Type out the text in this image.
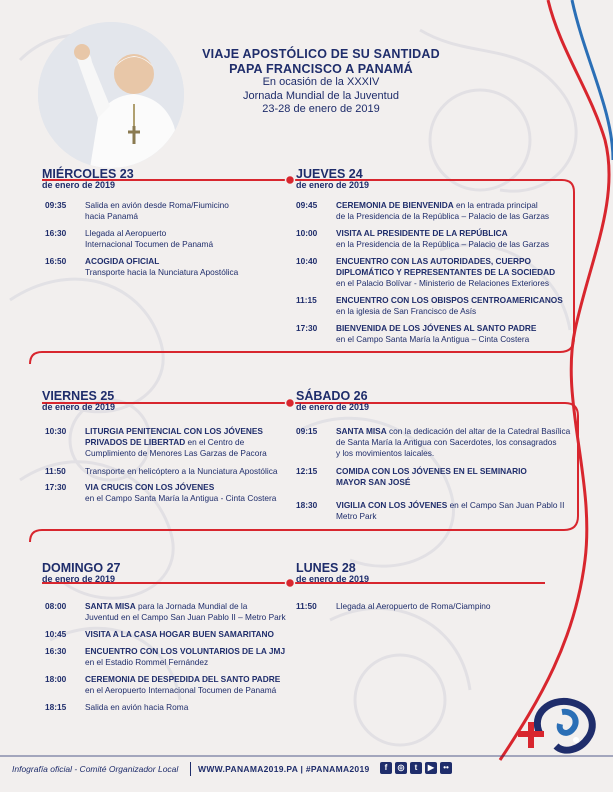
VIAJE APOSTÓLICO DE SU SANTIDAD
PAPA FRANCISCO A PANAMÁ
En ocasión de la XXXIV
Jornada Mundial de la Juventud
23-28 de enero de 2019
MIÉRCOLES 23
de enero de 2019
09:35 Salida en avión desde Roma/Fiumicino
hacia Panamá
16:30 Llegada al Aeropuerto
Internacional Tocumen de Panamá
16:50 ACOGIDA OFICIAL
Transporte hacia la Nunciatura Apostólica
JUEVES 24
de enero de 2019
09:45 CEREMONIA DE BIENVENIDA en la entrada principal
de la Presidencia de la República – Palacio de las Garzas
10:00 VISITA AL PRESIDENTE DE LA REPÚBLICA
en la Presidencia de la República – Palacio de las Garzas
10:40 ENCUENTRO CON LAS AUTORIDADES, CUERPO
DIPLOMÁTICO Y REPRESENTANTES DE LA SOCIEDAD
en el Palacio Bolívar - Ministerio de Relaciones Exteriores
11:15 ENCUENTRO CON LOS OBISPOS CENTROAMERICANOS
en la iglesia de San Francisco de Asís
17:30 BIENVENIDA DE LOS JÓVENES AL SANTO PADRE
en el Campo Santa María la Antigua – Cinta Costera
VIERNES 25
de enero de 2019
10:30 LITURGIA PENITENCIAL CON LOS JÓVENES
PRIVADOS DE LIBERTAD en el Centro de
Cumplimiento de Menores Las Garzas de Pacora
11:50 Transporte en helicóptero a la Nunciatura Apostólica
17:30 VIA CRUCIS CON LOS JÓVENES
en el Campo Santa María la Antigua - Cinta Costera
SÁBADO 26
de enero de 2019
09:15 SANTA MISA con la dedicación del altar de la Catedral Basílica
de Santa María la Antigua con Sacerdotes, los consagrados
y los movimientos laicales.
12:15 COMIDA CON LOS JÓVENES EN EL SEMINARIO
MAYOR SAN JOSÉ
18:30 VIGILIA CON LOS JÓVENES en el Campo San Juan Pablo II
Metro Park
DOMINGO 27
de enero de 2019
08:00 SANTA MISA para la Jornada Mundial de la
Juventud en el Campo San Juan Pablo II – Metro Park
10:45 VISITA A LA CASA HOGAR BUEN SAMARITANO
16:30 ENCUENTRO CON LOS VOLUNTARIOS DE LA JMJ
en el Estadio Rommel Fernández
18:00 CEREMONIA DE DESPEDIDA DEL SANTO PADRE
en el Aeropuerto Internacional Tocumen de Panamá
18:15 Salida en avión hacia Roma
LUNES 28
de enero de 2019
11:50 Llegada al Aeropuerto de Roma/Ciampino
Infografía oficial - Comité Organizador Local WWW.PANAMA2019.PA | #PANAMA2019	f	◎	t	▶	••
